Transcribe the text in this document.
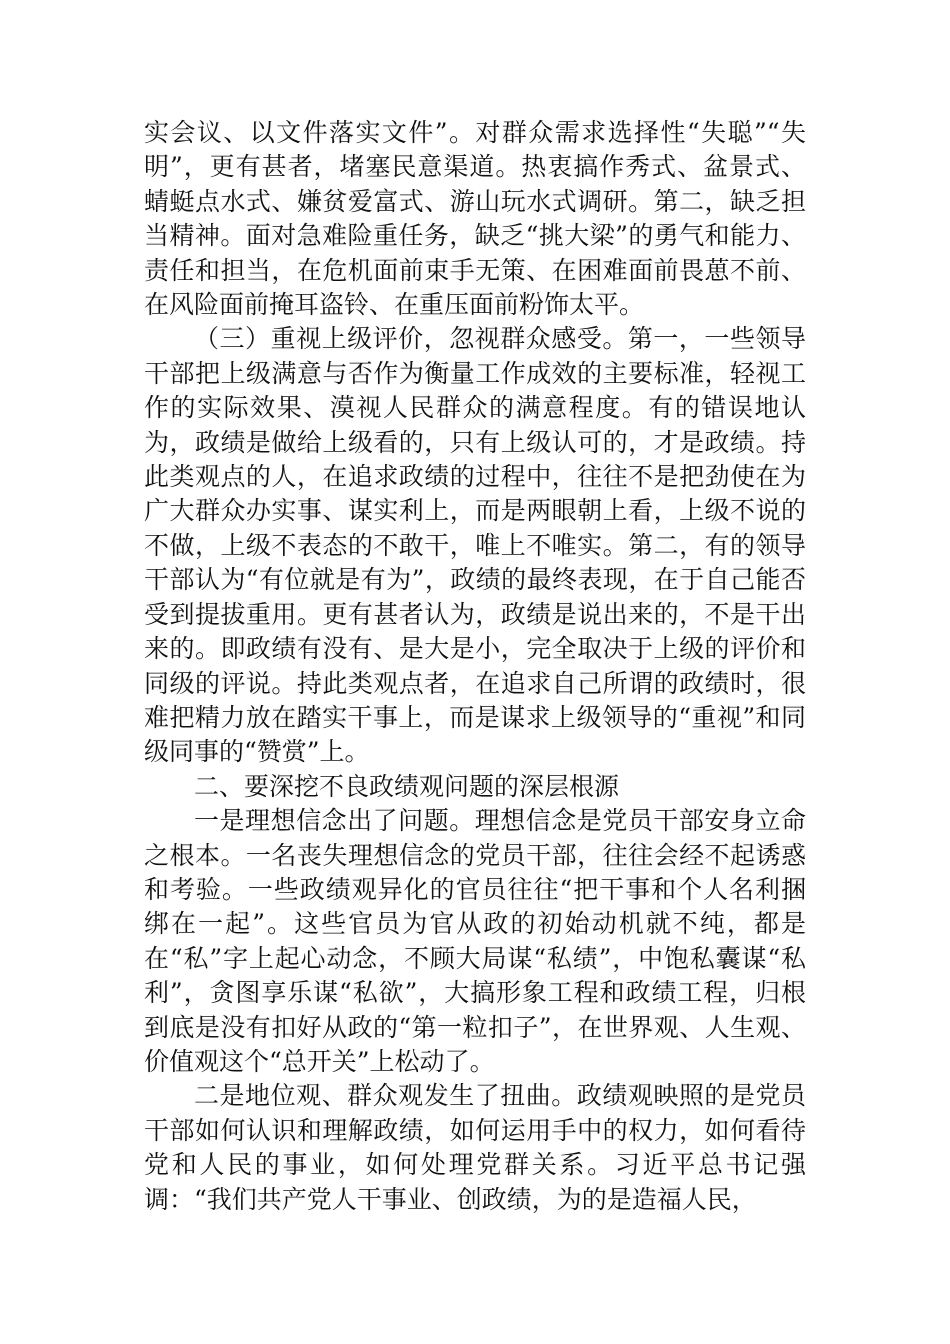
实会议、以文件落实文件”。对群众需求选择性“失聪”“失明”，更有甚者，堵塞民意渠道。热衷搞作秀式、盆景式、蜻蜓点水式、嫌贫爱富式、游山玩水式调研。第二，缺乏担当精神。面对急难险重任务，缺乏“挑大梁”的勇气和能力、责任和担当，在危机面前束手无策、在困难面前畏葸不前、在风险面前掩耳盗铃、在重压面前粉饰太平。

（三）重视上级评价，忽视群众感受。第一，一些领导干部把上级满意与否作为衡量工作成效的主要标准，轻视工作的实际效果、漠视人民群众的满意程度。有的错误地认为，政绩是做给上级看的，只有上级认可的，才是政绩。持此类观点的人，在追求政绩的过程中，往往不是把劲使在为广大群众办实事、谋实利上，而是两眼朝上看，上级不说的不做，上级不表态的不敢干，唯上不唯实。第二，有的领导干部认为“有位就是有为”，政绩的最终表现，在于自己能否受到提拔重用。更有甚者认为，政绩是说出来的，不是干出来的。即政绩有没有、是大是小，完全取决于上级的评价和同级的评说。持此类观点者，在追求自己所谓的政绩时，很难把精力放在踏实干事上，而是谋求上级领导的“重视”和同级同事的“赞赏”上。

二、要深挖不良政绩观问题的深层根源

一是理想信念出了问题。理想信念是党员干部安身立命之根本。一名丧失理想信念的党员干部，往往会经不起诱惑和考验。一些政绩观异化的官员往往“把干事和个人名利捆绑在一起”。这些官员为官从政的初始动机就不纯，都是在“私”字上起心动念，不顾大局谋“私绩”，中饱私囊谋“私利”，贪图享乐谋“私欲”，大搞形象工程和政绩工程，归根到底是没有扣好从政的“第一粒扣子”，在世界观、人生观、价值观这个“总开关”上松动了。

二是地位观、群众观发生了扭曲。政绩观映照的是党员干部如何认识和理解政绩，如何运用手中的权力，如何看待党和人民的事业，如何处理党群关系。习近平总书记强调：“我们共产党人干事业、创政绩，为的是造福人民，
